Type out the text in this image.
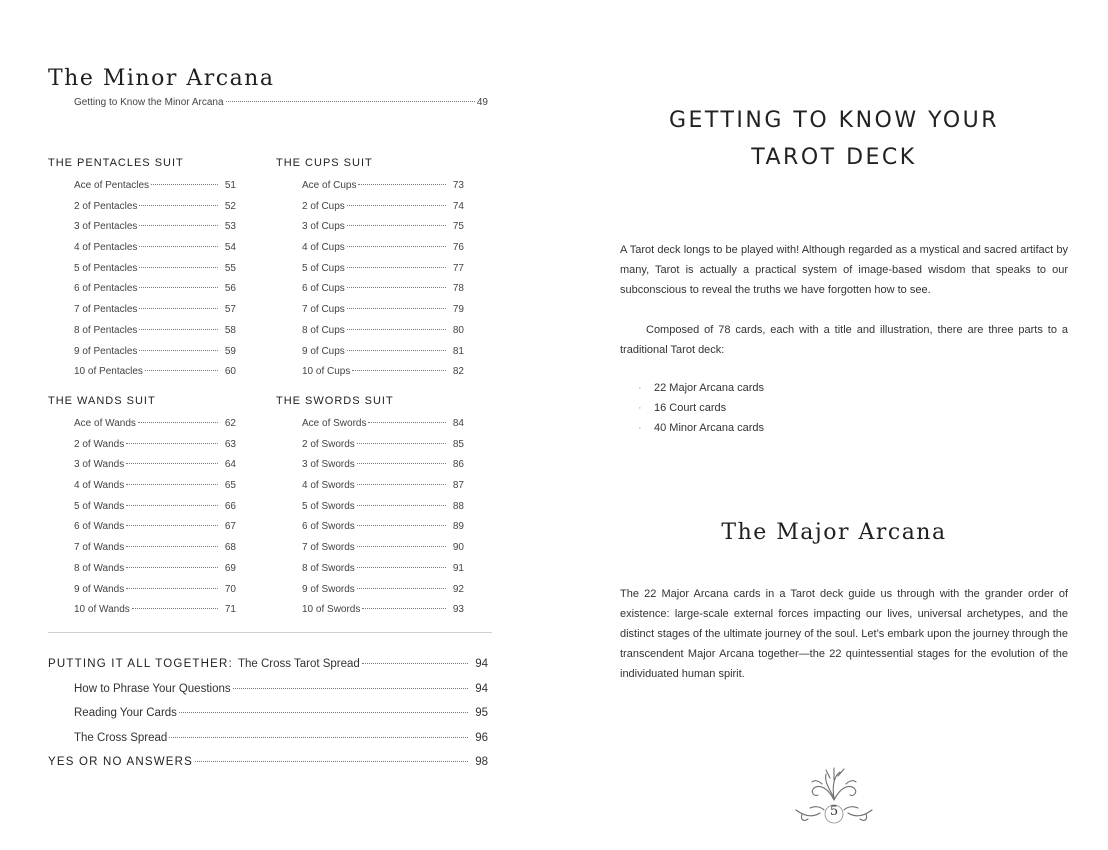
The Minor Arcana
Getting to Know the Minor Arcana	49
THE PENTACLES SUIT
Ace of Pentacles	51
2 of Pentacles	52
3 of Pentacles	53
4 of Pentacles	54
5 of Pentacles	55
6 of Pentacles	56
7 of Pentacles	57
8 of Pentacles	58
9 of Pentacles	59
10 of Pentacles	60
THE CUPS SUIT
Ace of Cups	73
2 of Cups	74
3 of Cups	75
4 of Cups	76
5 of Cups	77
6 of Cups	78
7 of Cups	79
8 of Cups	80
9 of Cups	81
10 of Cups	82
THE WANDS SUIT
Ace of Wands	62
2 of Wands	63
3 of Wands	64
4 of Wands	65
5 of Wands	66
6 of Wands	67
7 of Wands	68
8 of Wands	69
9 of Wands	70
10 of Wands	71
THE SWORDS SUIT
Ace of Swords	84
2 of Swords	85
3 of Swords	86
4 of Swords	87
5 of Swords	88
6 of Swords	89
7 of Swords	90
8 of Swords	91
9 of Swords	92
10 of Swords	93
PUTTING IT ALL TOGETHER: The Cross Tarot Spread	94
How to Phrase Your Questions	94
Reading Your Cards	95
The Cross Spread	96
YES OR NO ANSWERS	98
GETTING TO KNOW YOUR
TAROT DECK

A Tarot deck longs to be played with! Although regarded as a mystical and sacred artifact by many, Tarot is actually a practical system of image-based wisdom that speaks to our subconscious to reveal the truths we have forgotten how to see.

Composed of 78 cards, each with a title and illustration, there are three parts to a traditional Tarot deck:

· 22 Major Arcana cards
· 16 Court cards
· 40 Minor Arcana cards
The Major Arcana

The 22 Major Arcana cards in a Tarot deck guide us through with the grander order of existence: large-scale external forces impacting our lives, universal archetypes, and the distinct stages of the ultimate journey of the soul. Let’s embark upon the journey through the transcendent Major Arcana together—the 22 quintessential stages for the evolution of the individuated human spirit.

5
